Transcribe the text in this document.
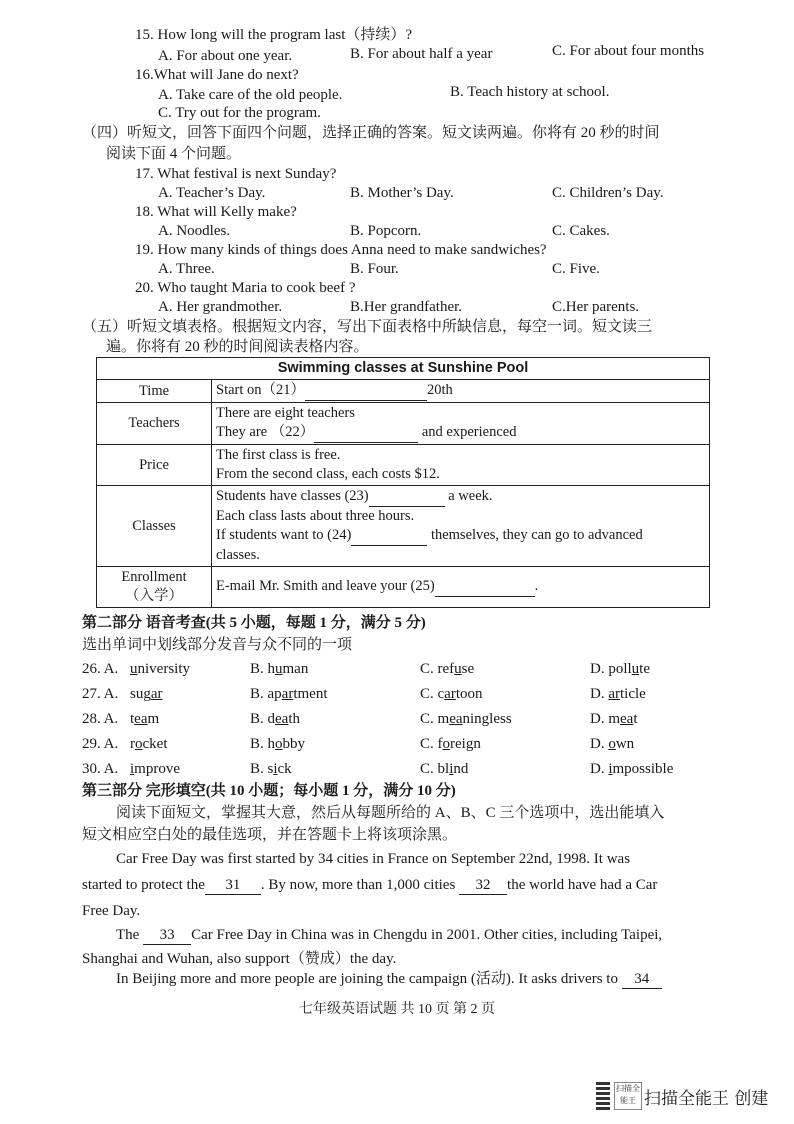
15. How long will the program last（持续）?
A. For about one year.	B. For about half a year	C. For about four months
16.What will Jane do next?
A. Take care of the old people.	B. Teach history at school.
C. Try out for the program.
（四）听短文，回答下面四个问题，选择正确的答案。短文读两遍。你将有 20 秒的时间
阅读下面 4 个问题。
17. What festival is next Sunday?
A. Teacher’s Day.	B. Mother’s Day.	C. Children’s Day.
18. What will Kelly make?
A. Noodles.	B. Popcorn.	C. Cakes.
19. How many kinds of things does Anna need to make sandwiches?
A. Three.	B. Four.	C. Five.
20. Who taught Maria to cook beef ?
A. Her grandmother.	B.Her grandfather.	C.Her parents.
（五）听短文填表格。根据短文内容，写出下面表格中所缺信息，每空一词。短文读三
遍。你将有 20 秒的时间阅读表格内容。
Swimming classes at Sunshine Pool	
Time	Start on（21） 20th
Teachers	There are eight teachers
They are （22） and experienced
Price	The first class is free.
From the second class, each costs $12.
Classes	Students have classes (23) a week.
Each class lasts about three hours.
If students want to (24) themselves, they can go to advanced
classes.
Enrollment
（入学）	E-mail Mr. Smith and leave your (25) .
第二部分 语音考查(共 5 小题，每题 1 分，满分 5 分)
选出单词中划线部分发音与众不同的一项
26. A. university	B. human	C. refuse	D. pollute
27. A. sugar	B. apartment	C. cartoon	D. article
28. A. team	B. death	C. meaningless	D. meat
29. A. rocket	B. hobby	C. foreign	D. own
30. A. improve	B. sick	C. blind	D. impossible
第三部分 完形填空(共 10 小题；每小题 1 分，满分 10 分)
阅读下面短文，掌握其大意，然后从每题所给的 A、B、C 三个选项中，选出能填入
短文相应空白处的最佳选项，并在答题卡上将该项涂黑。
Car Free Day was first started by 34 cities in France on September 22nd, 1998. It was
started to protect the 31 . By now, more than 1,000 cities 32 the world have had a Car
Free Day.
The 33 Car Free Day in China was in Chengdu in 2001. Other cities, including Taipei,
Shanghai and Wuhan, also support（赞成）the day.
In Beijing more and more people are joining the campaign (活动). It asks drivers to 34
七年级英语试题 共 10 页 第 2 页
扫描全能王 扫描全能王 创建
